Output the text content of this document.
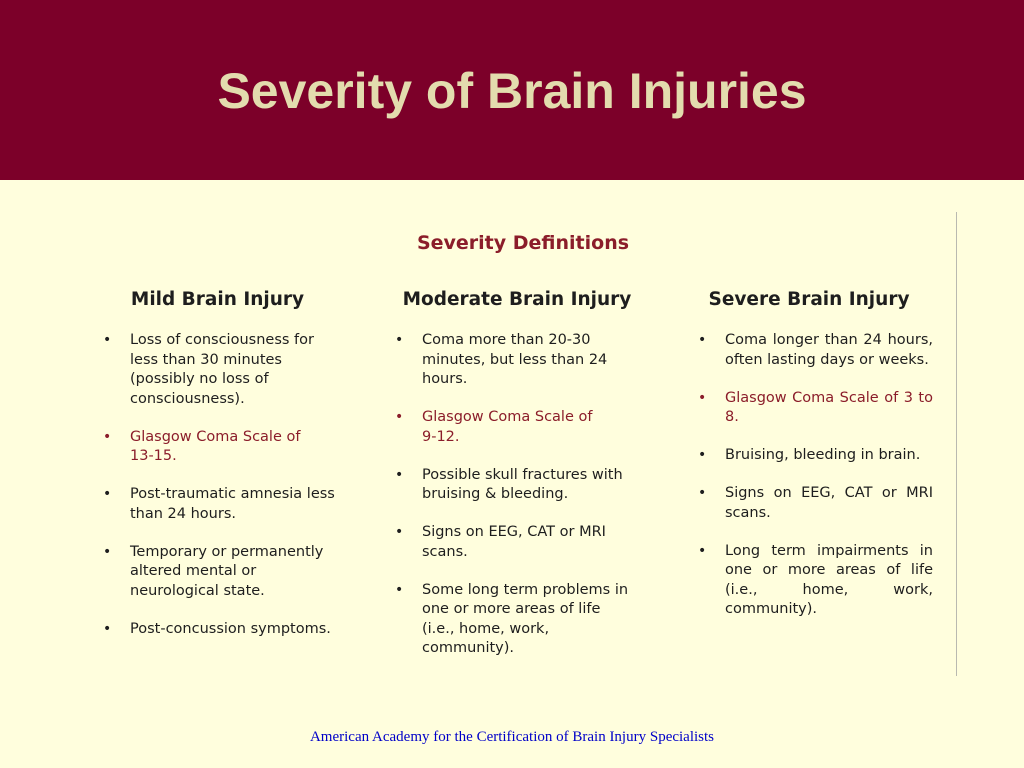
Severity of Brain Injuries
Severity Definitions
Mild Brain Injury
• Loss of consciousness for less than 30 minutes (possibly no loss of consciousness).
• Glasgow Coma Scale of 13-15.
• Post-traumatic amnesia less than 24 hours.
• Temporary or permanently altered mental or neurological state.
• Post-concussion symptoms.
Moderate Brain Injury
• Coma more than 20-30 minutes, but less than 24 hours.
• Glasgow Coma Scale of 9-12.
• Possible skull fractures with bruising & bleeding.
• Signs on EEG, CAT or MRI scans.
• Some long term problems in one or more areas of life (i.e., home, work, community).
Severe Brain Injury
• Coma longer than 24 hours, often lasting days or weeks.
• Glasgow Coma Scale of 3 to 8.
• Bruising, bleeding in brain.
• Signs on EEG, CAT or MRI scans.
• Long term impairments in one or more areas of life (i.e., home, work, community).
American Academy for the Certification of Brain Injury Specialists
